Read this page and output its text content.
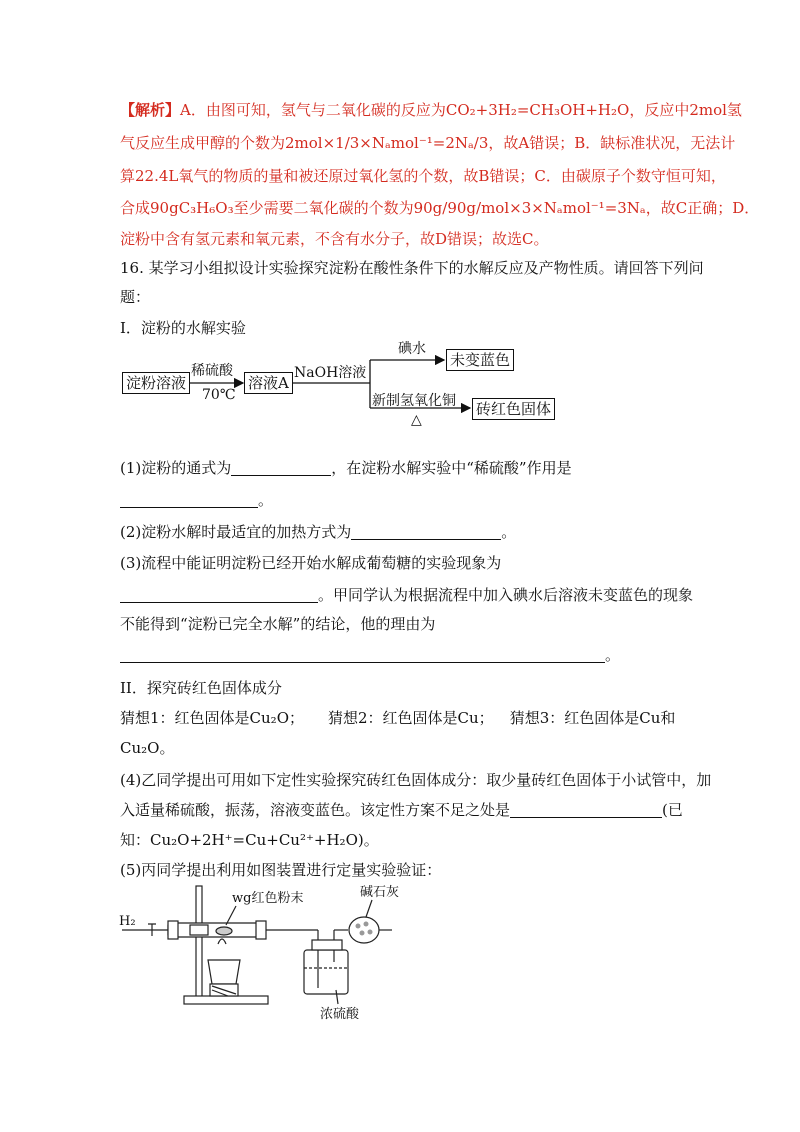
【解析】A．由图可知，氢气与二氧化碳的反应为CO₂+3H₂=CH₃OH+H₂O，反应中2mol氢
气反应生成甲醇的个数为2mol×1/3×Nₐmol⁻¹=2Nₐ/3，故A错误；B．缺标准状况，无法计
算22.4L氧气的物质的量和被还原过氧化氢的个数，故B错误；C．由碳原子个数守恒可知，
合成90gC₃H₆O₃至少需要二氧化碳的个数为90g/90g/mol×3×Nₐmol⁻¹=3Nₐ，故C正确；D．
淀粉中含有氢元素和氧元素，不含有水分子，故D错误；故选C。
16. 某学习小组拟设计实验探究淀粉在酸性条件下的水解反应及产物性质。请回答下列问
题：
I．淀粉的水解实验
淀粉溶液
稀硫酸
70℃
溶液A
NaOH溶液
碘水
未变蓝色
新制氢氧化铜
△
砖红色固体
(1)淀粉的通式为	，在淀粉水解实验中“稀硫酸”作用是
。
(2)淀粉水解时最适宜的加热方式为	。
(3)流程中能证明淀粉已经开始水解成葡萄糖的实验现象为
。甲同学认为根据流程中加入碘水后溶液未变蓝色的现象
不能得到“淀粉已完全水解”的结论，他的理由为
。
II．探究砖红色固体成分
猜想1：红色固体是Cu₂O； 猜想2：红色固体是Cu； 猜想3：红色固体是Cu和
Cu₂O。
(4)乙同学提出可用如下定性实验探究砖红色固体成分：取少量砖红色固体于小试管中，加
入适量稀硫酸，振荡，溶液变蓝色。该定性方案不足之处是	(已
知：Cu₂O+2H⁺=Cu+Cu²⁺+H₂O)。
(5)丙同学提出利用如图装置进行定量实验验证：
H₂
wg红色粉末	碱石灰
浓硫酸
